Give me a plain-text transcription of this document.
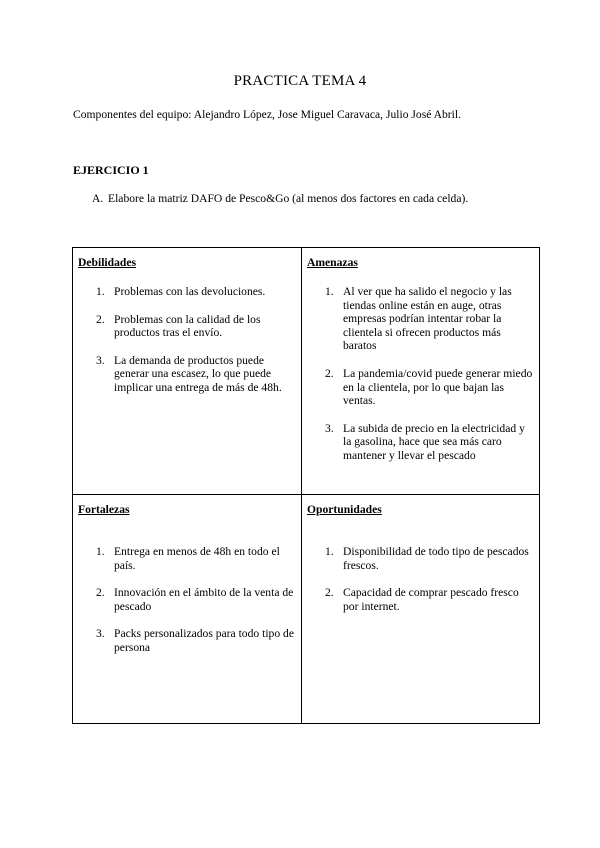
PRACTICA TEMA 4
Componentes del equipo: Alejandro López, Jose Miguel Caravaca, Julio José Abril.
EJERCICIO 1
A. Elabore la matriz DAFO de Pesco&Go (al menos dos factores en cada celda).
Debilidades
1. Problemas con las devoluciones.
2. Problemas con la calidad de los productos tras el envío.
3. La demanda de productos puede generar una escasez, lo que puede implicar una entrega de más de 48h.
Amenazas
1. Al ver que ha salido el negocio y las tiendas online están en auge, otras empresas podrían intentar robar la clientela si ofrecen productos más baratos
2. La pandemia/covid puede generar miedo en la clientela, por lo que bajan las ventas.
3. La subida de precio en la electricidad y la gasolina, hace que sea más caro mantener y llevar el pescado
Fortalezas
1. Entrega en menos de 48h en todo el país.
2. Innovación en el ámbito de la venta de pescado
3. Packs personalizados para todo tipo de persona
Oportunidades
1. Disponibilidad de todo tipo de pescados frescos.
2. Capacidad de comprar pescado fresco por internet.
